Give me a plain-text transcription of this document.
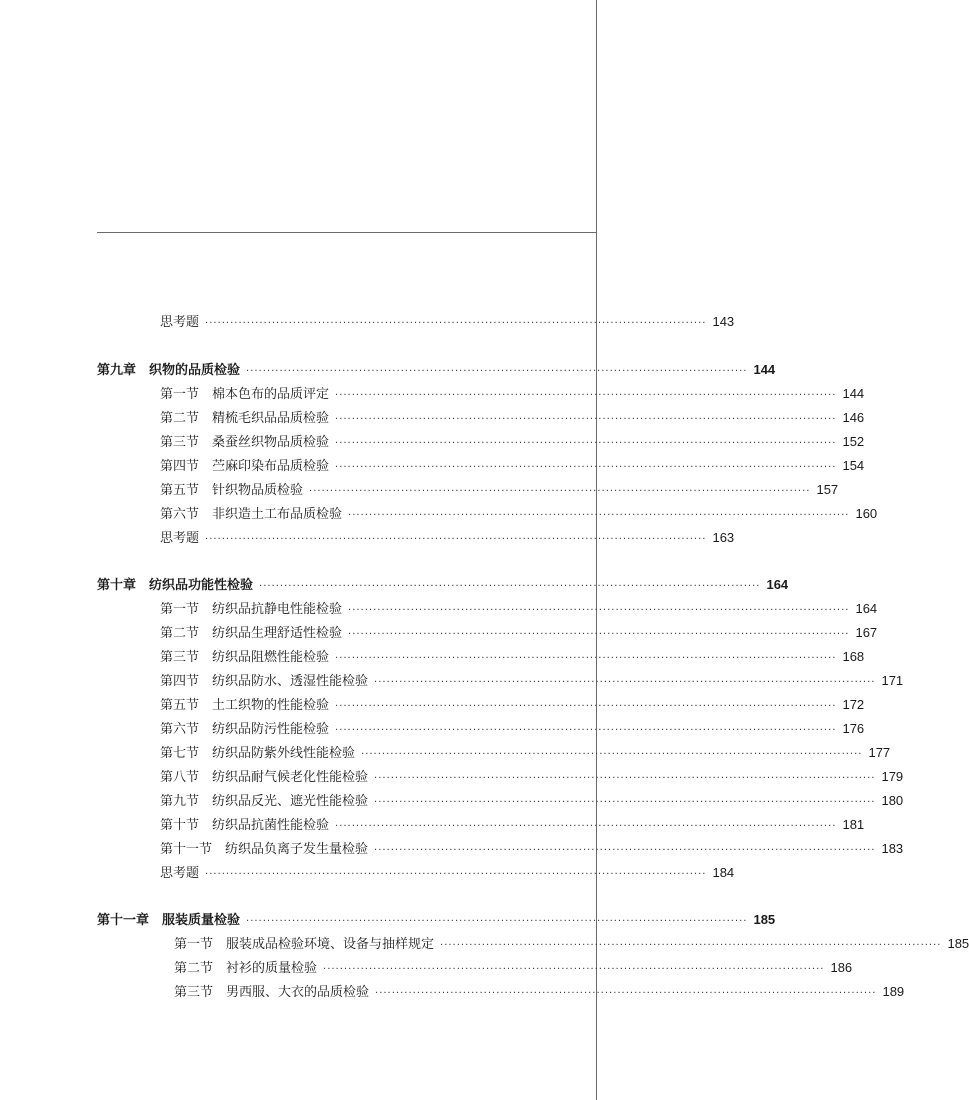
思考题 ························································································································ 143
第九章　织物的品质检验 ························································································································ 144
第一节　棉本色布的品质评定 ························································································································ 144
第二节　精梳毛织品品质检验 ························································································································ 146
第三节　桑蚕丝织物品质检验 ························································································································ 152
第四节　苎麻印染布品质检验 ························································································································ 154
第五节　针织物品质检验 ························································································································ 157
第六节　非织造土工布品质检验 ························································································································ 160
思考题 ························································································································ 163
第十章　纺织品功能性检验 ························································································································ 164
第一节　纺织品抗静电性能检验 ························································································································ 164
第二节　纺织品生理舒适性检验 ························································································································ 167
第三节　纺织品阻燃性能检验 ························································································································ 168
第四节　纺织品防水、透湿性能检验 ························································································································ 171
第五节　土工织物的性能检验 ························································································································ 172
第六节　纺织品防污性能检验 ························································································································ 176
第七节　纺织品防紫外线性能检验 ························································································································ 177
第八节　纺织品耐气候老化性能检验 ························································································································ 179
第九节　纺织品反光、遮光性能检验 ························································································································ 180
第十节　纺织品抗菌性能检验 ························································································································ 181
第十一节　纺织品负离子发生量检验 ························································································································ 183
思考题 ························································································································ 184
第十一章　服装质量检验 ························································································································ 185
第一节　服装成品检验环境、设备与抽样规定 ························································································································ 185
第二节　衬衫的质量检验 ························································································································ 186
第三节　男西服、大衣的品质检验 ························································································································ 189
